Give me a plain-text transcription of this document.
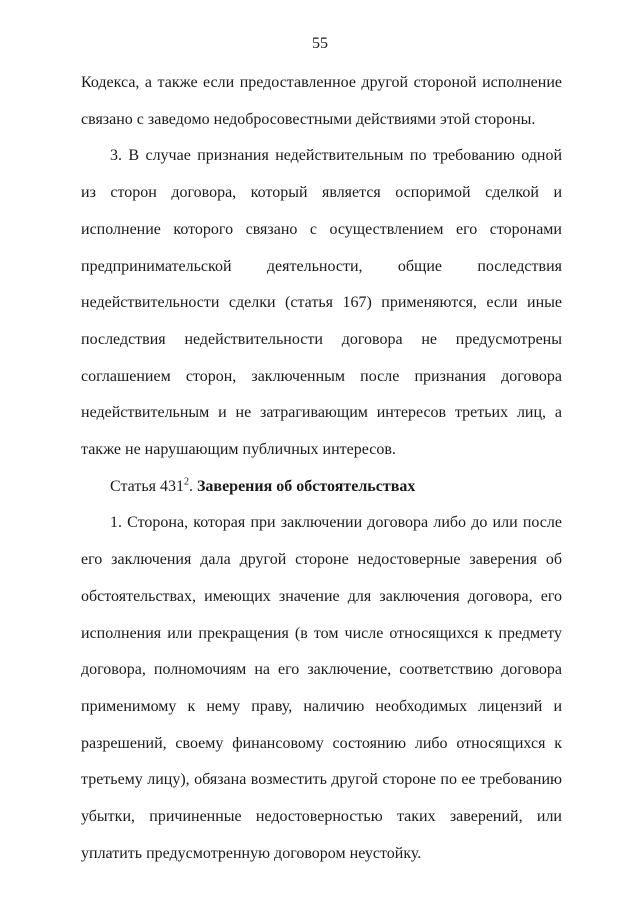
55

Кодекса, а также если предоставленное другой стороной исполнение связано с заведомо недобросовестными действиями этой стороны.

3. В случае признания недействительным по требованию одной из сторон договора, который является оспоримой сделкой и исполнение которого связано с осуществлением его сторонами предпринимательской деятельности, общие последствия недействительности сделки (статья 167) применяются, если иные последствия недействительности договора не предусмотрены соглашением сторон, заключенным после признания договора недействительным и не затрагивающим интересов третьих лиц, а также не нарушающим публичных интересов.

Статья $431^2$. Заверения об обстоятельствах

1. Сторона, которая при заключении договора либо до или после его заключения дала другой стороне недостоверные заверения об обстоятельствах, имеющих значение для заключения договора, его исполнения или прекращения (в том числе относящихся к предмету договора, полномочиям на его заключение, соответствию договора применимому к нему праву, наличию необходимых лицензий и разрешений, своему финансовому состоянию либо относящихся к третьему лицу), обязана возместить другой стороне по ее требованию убытки, причиненные недостоверностью таких заверений, или уплатить предусмотренную договором неустойку.
